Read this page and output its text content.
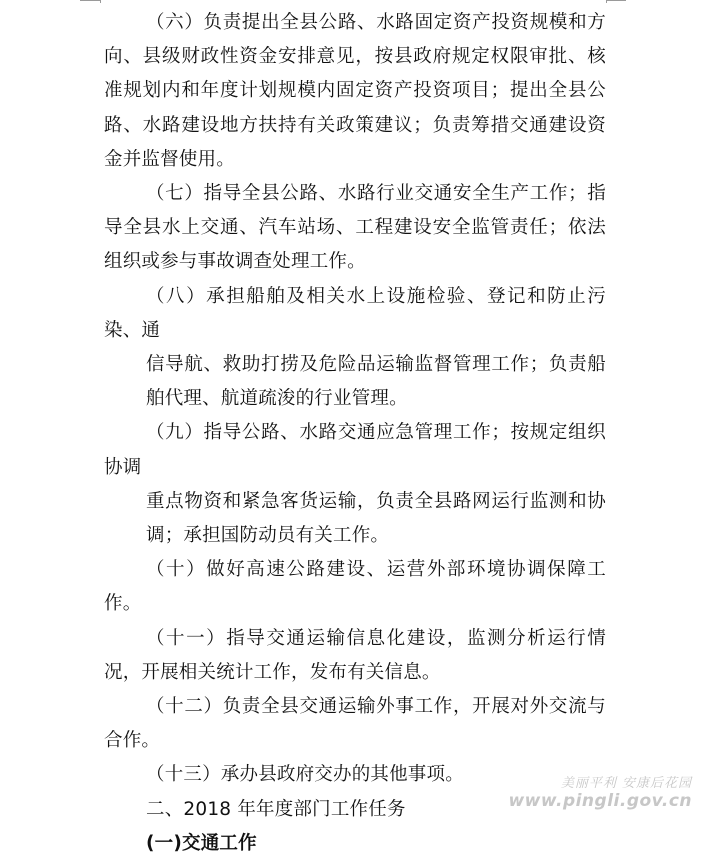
（六）负责提出全县公路、水路固定资产投资规模和方向、县级财政性资金安排意见，按县政府规定权限审批、核准规划内和年度计划规模内固定资产投资项目；提出全县公路、水路建设地方扶持有关政策建议；负责筹措交通建设资金并监督使用。

（七）指导全县公路、水路行业交通安全生产工作；指导全县水上交通、汽车站场、工程建设安全监管责任；依法组织或参与事故调查处理工作。

（八）承担船舶及相关水上设施检验、登记和防止污染、通

信导航、救助打捞及危险品运输监督管理工作；负责船舶代理、航道疏浚的行业管理。

（九）指导公路、水路交通应急管理工作；按规定组织协调

重点物资和紧急客货运输，负责全县路网运行监测和协调；承担国防动员有关工作。

（十）做好高速公路建设、运营外部环境协调保障工作。

（十一）指导交通运输信息化建设，监测分析运行情况，开展相关统计工作，发布有关信息。

（十二）负责全县交通运输外事工作，开展对外交流与合作。

（十三）承办县政府交办的其他事项。

二、2018 年年度部门工作任务

(一)交通工作

美丽平利 安康后花园
www.pingli.gov.cn
